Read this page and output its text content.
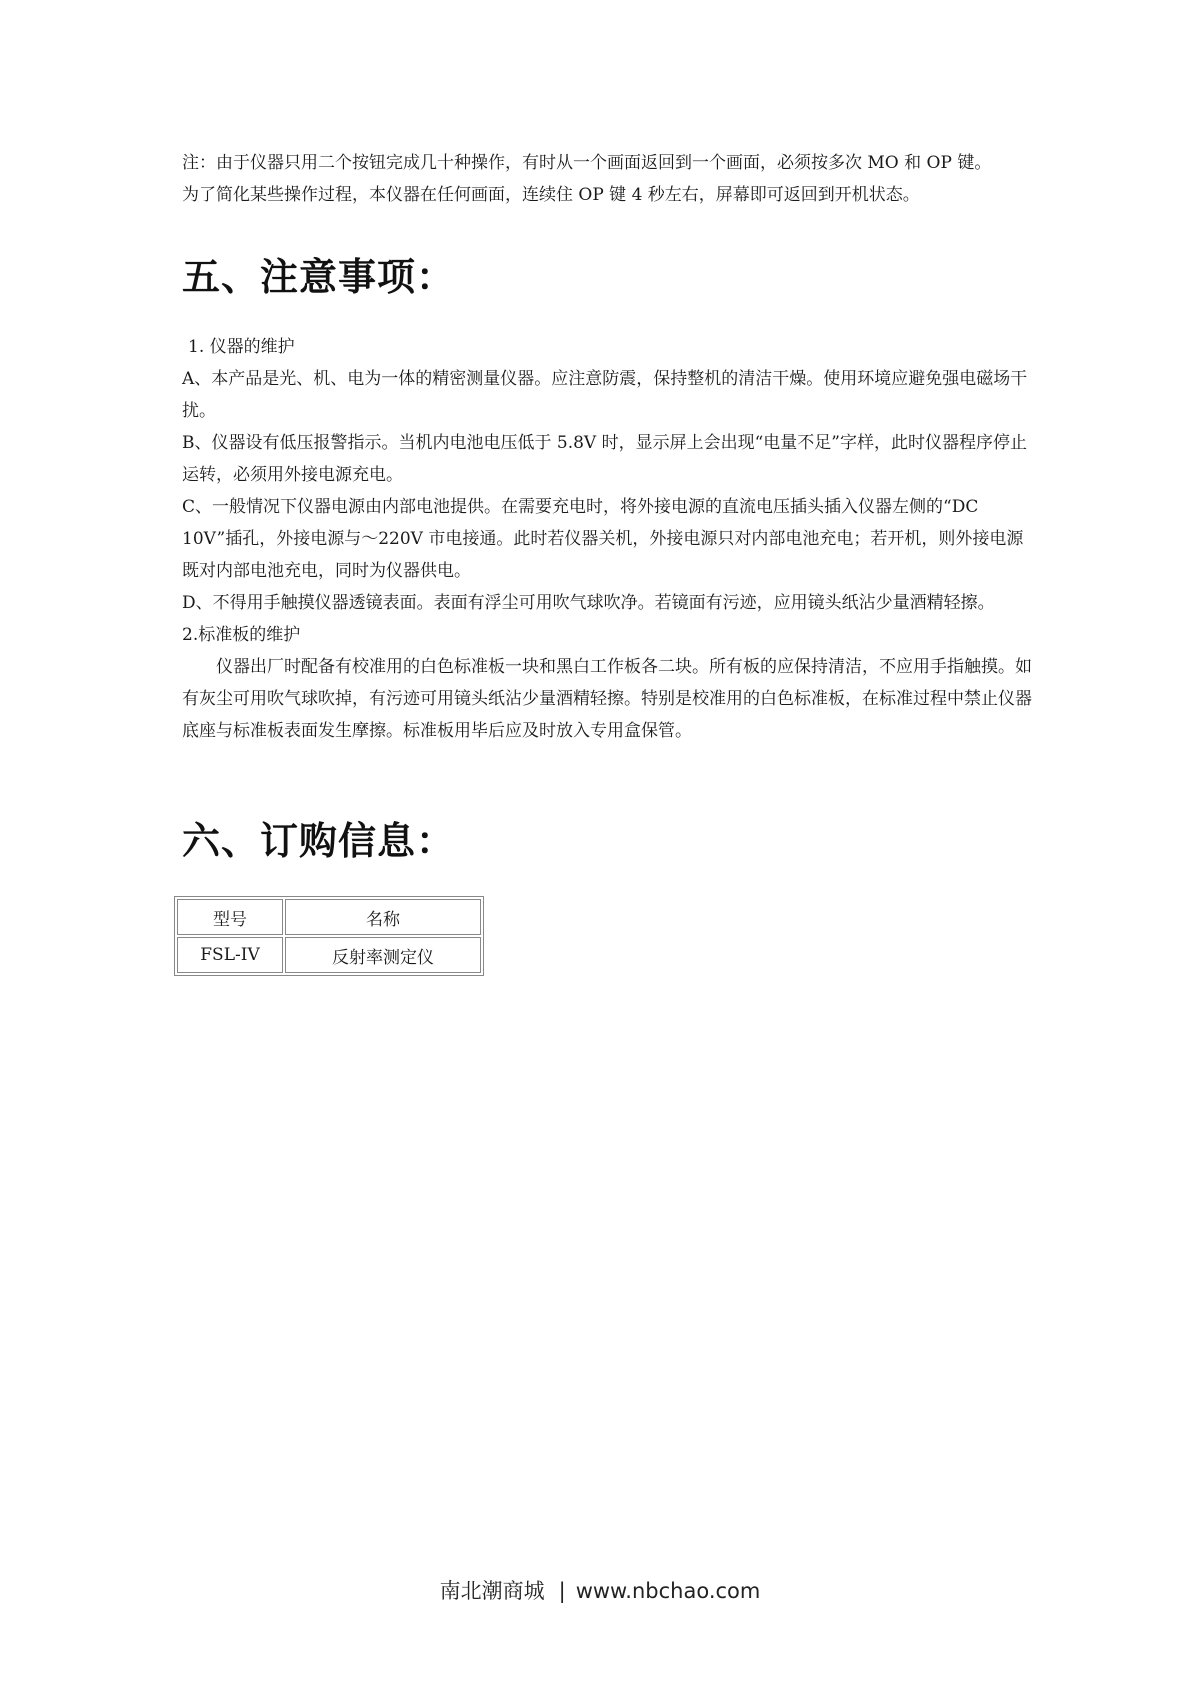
注：由于仪器只用二个按钮完成几十种操作，有时从一个画面返回到一个画面，必须按多次 MO 和 OP 键。
为了简化某些操作过程，本仪器在任何画面，连续住 OP 键 4 秒左右，屏幕即可返回到开机状态。
五、注意事项：

1. 仪器的维护

A、本产品是光、机、电为一体的精密测量仪器。应注意防震，保持整机的清洁干燥。使用环境应避免强电磁场干扰。

B、仪器设有低压报警指示。当机内电池电压低于 5.8V 时，显示屏上会出现“电量不足”字样，此时仪器程序停止运转，必须用外接电源充电。

C、一般情况下仪器电源由内部电池提供。在需要充电时，将外接电源的直流电压插头插入仪器左侧的“DC 10V”插孔，外接电源与～220V 市电接通。此时若仪器关机，外接电源只对内部电池充电；若开机，则外接电源既对内部电池充电，同时为仪器供电。

D、不得用手触摸仪器透镜表面。表面有浮尘可用吹气球吹净。若镜面有污迹，应用镜头纸沾少量酒精轻擦。

2.标准板的维护

仪器出厂时配备有校准用的白色标准板一块和黑白工作板各二块。所有板的应保持清洁，不应用手指触摸。如有灰尘可用吹气球吹掉，有污迹可用镜头纸沾少量酒精轻擦。特别是校准用的白色标准板，在标准过程中禁止仪器底座与标准板表面发生摩擦。标准板用毕后应及时放入专用盒保管。

六、订购信息：
型号	名称
FSL-IV	反射率测定仪
南北潮商城 | www.nbchao.com
